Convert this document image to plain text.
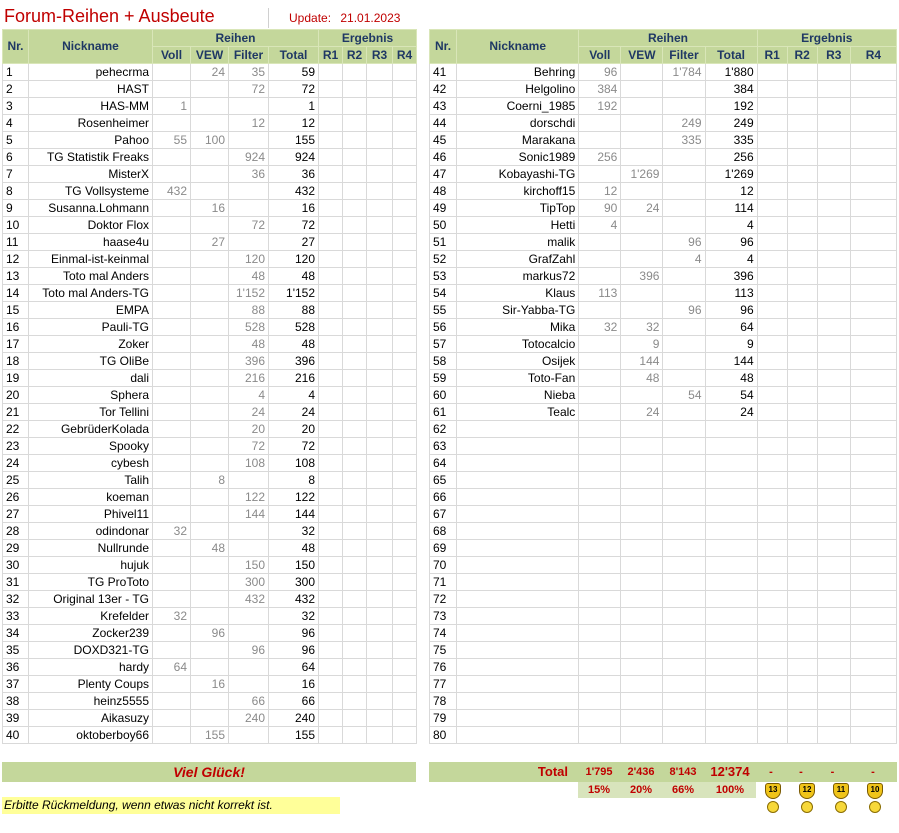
Forum-Reihen + Ausbeute	Update: 21.01.2023
Nr.	Nickname	Reihen				Ergebnis			
		Voll	VEW	Filter	Total	R1	R2	R3	R4
1	pehecrma		24	35	59				
2	HAST			72	72				
3	HAS-MM	1			1				
4	Rosenheimer			12	12				
5	Pahoo	55	100		155				
6	TG Statistik Freaks			924	924				
7	MisterX			36	36				
8	TG Vollsysteme	432			432				
9	Susanna.Lohmann		16		16				
10	Doktor Flox			72	72				
11	haase4u		27		27				
12	Einmal-ist-keinmal			120	120				
13	Toto mal Anders			48	48				
14	Toto mal Anders-TG			1'152	1'152				
15	EMPA			88	88				
16	Pauli-TG			528	528				
17	Zoker			48	48				
18	TG OliBe			396	396				
19	dali			216	216				
20	Sphera			4	4				
21	Tor Tellini			24	24				
22	GebrüderKolada			20	20				
23	Spooky			72	72				
24	cybesh			108	108				
25	Talih		8		8				
26	koeman			122	122				
27	Phivel11			144	144				
28	odindonar	32			32				
29	Nullrunde		48		48				
30	hujuk			150	150				
31	TG ProToto			300	300				
32	Original 13er - TG			432	432				
33	Krefelder	32			32				
34	Zocker239		96		96				
35	DOXD321-TG			96	96				
36	hardy	64			64				
37	Plenty Coups		16		16				
38	heinz5555			66	66				
39	Aikasuzy			240	240				
40	oktoberboy66		155		155				
Nr.	Nickname	Reihen				Ergebnis			
		Voll	VEW	Filter	Total	R1	R2	R3	R4
41	Behring	96		1'784	1'880				
42	Helgolino	384			384				
43	Coerni_1985	192			192				
44	dorschdi			249	249				
45	Marakana			335	335				
46	Sonic1989	256			256				
47	Kobayashi-TG		1'269		1'269				
48	kirchoff15	12			12				
49	TipTop	90	24		114				
50	Hetti	4			4				
51	malik			96	96				
52	GrafZahl			4	4				
53	markus72		396		396				
54	Klaus	113			113				
55	Sir-Yabba-TG			96	96				
56	Mika	32	32		64				
57	Totocalcio		9		9				
58	Osijek		144		144				
59	Toto-Fan		48		48				
60	Nieba			54	54				
61	Tealc		24		24				
62									
63									
64									
65									
66									
67									
68									
69									
70									
71									
72									
73									
74									
75									
76									
77									
78									
79									
80									
Viel Glück!	Total	1'795	2'436	8'143	12'374	-	-	-	-
15%	20%	66%	100%
Erbitte Rückmeldung, wenn etwas nicht korrekt ist.
13	12	11	10
